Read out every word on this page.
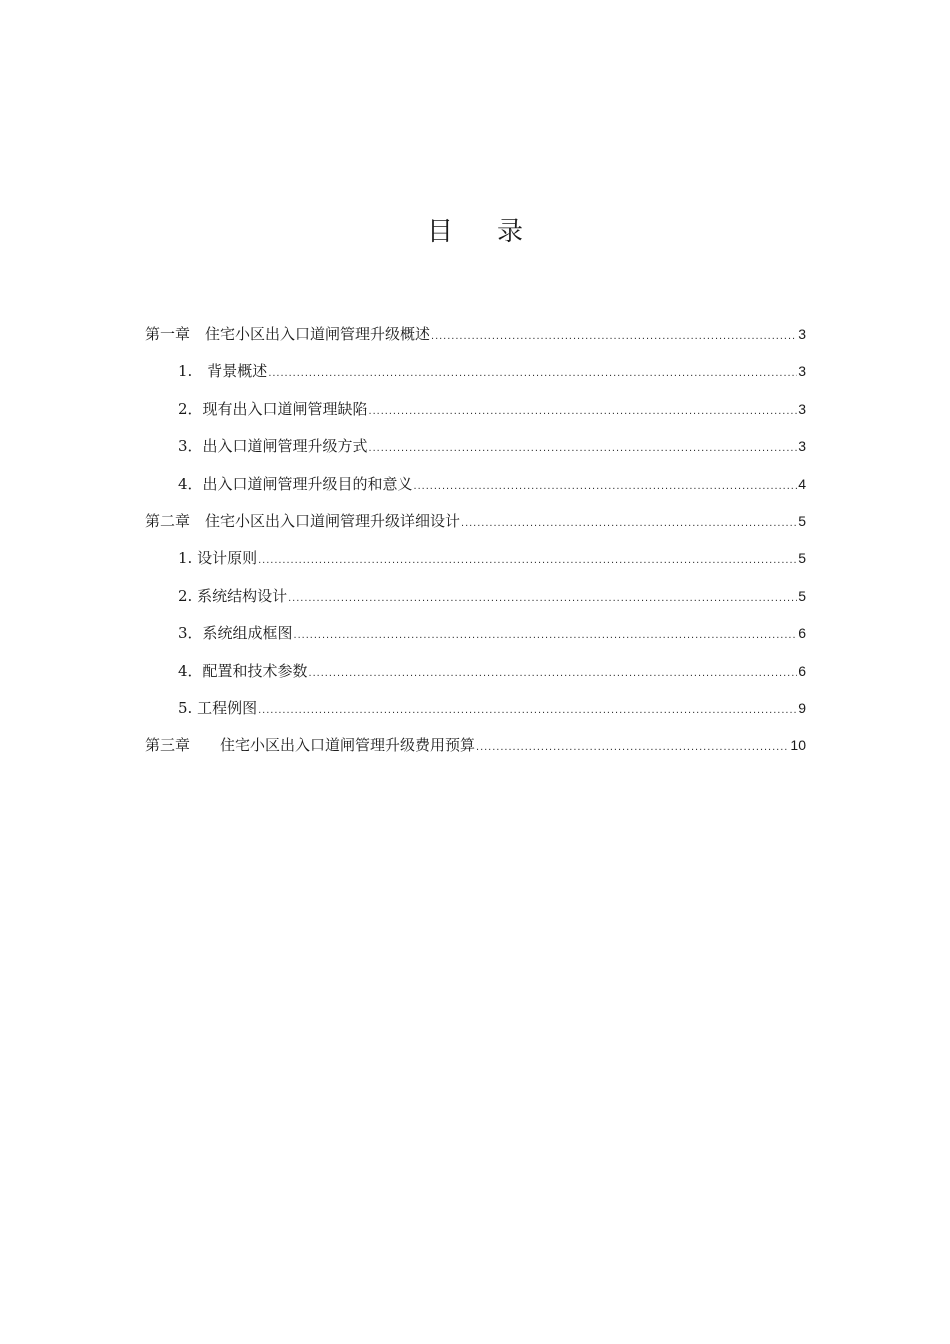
目录
第一章　住宅小区出入口道闸管理升级概述 .....	3
1.　背景概述 .....	3
2．现有出入口道闸管理缺陷 .....	3
3．出入口道闸管理升级方式 .....	3
4．出入口道闸管理升级目的和意义 .....	4
第二章　住宅小区出入口道闸管理升级详细设计 .....	5
1. 设计原则 .....	5
2. 系统结构设计 .....	5
3．系统组成框图 .....	6
4．配置和技术参数 .....	6
5. 工程例图 .....	9
第三章　　住宅小区出入口道闸管理升级费用预算 .....	10
